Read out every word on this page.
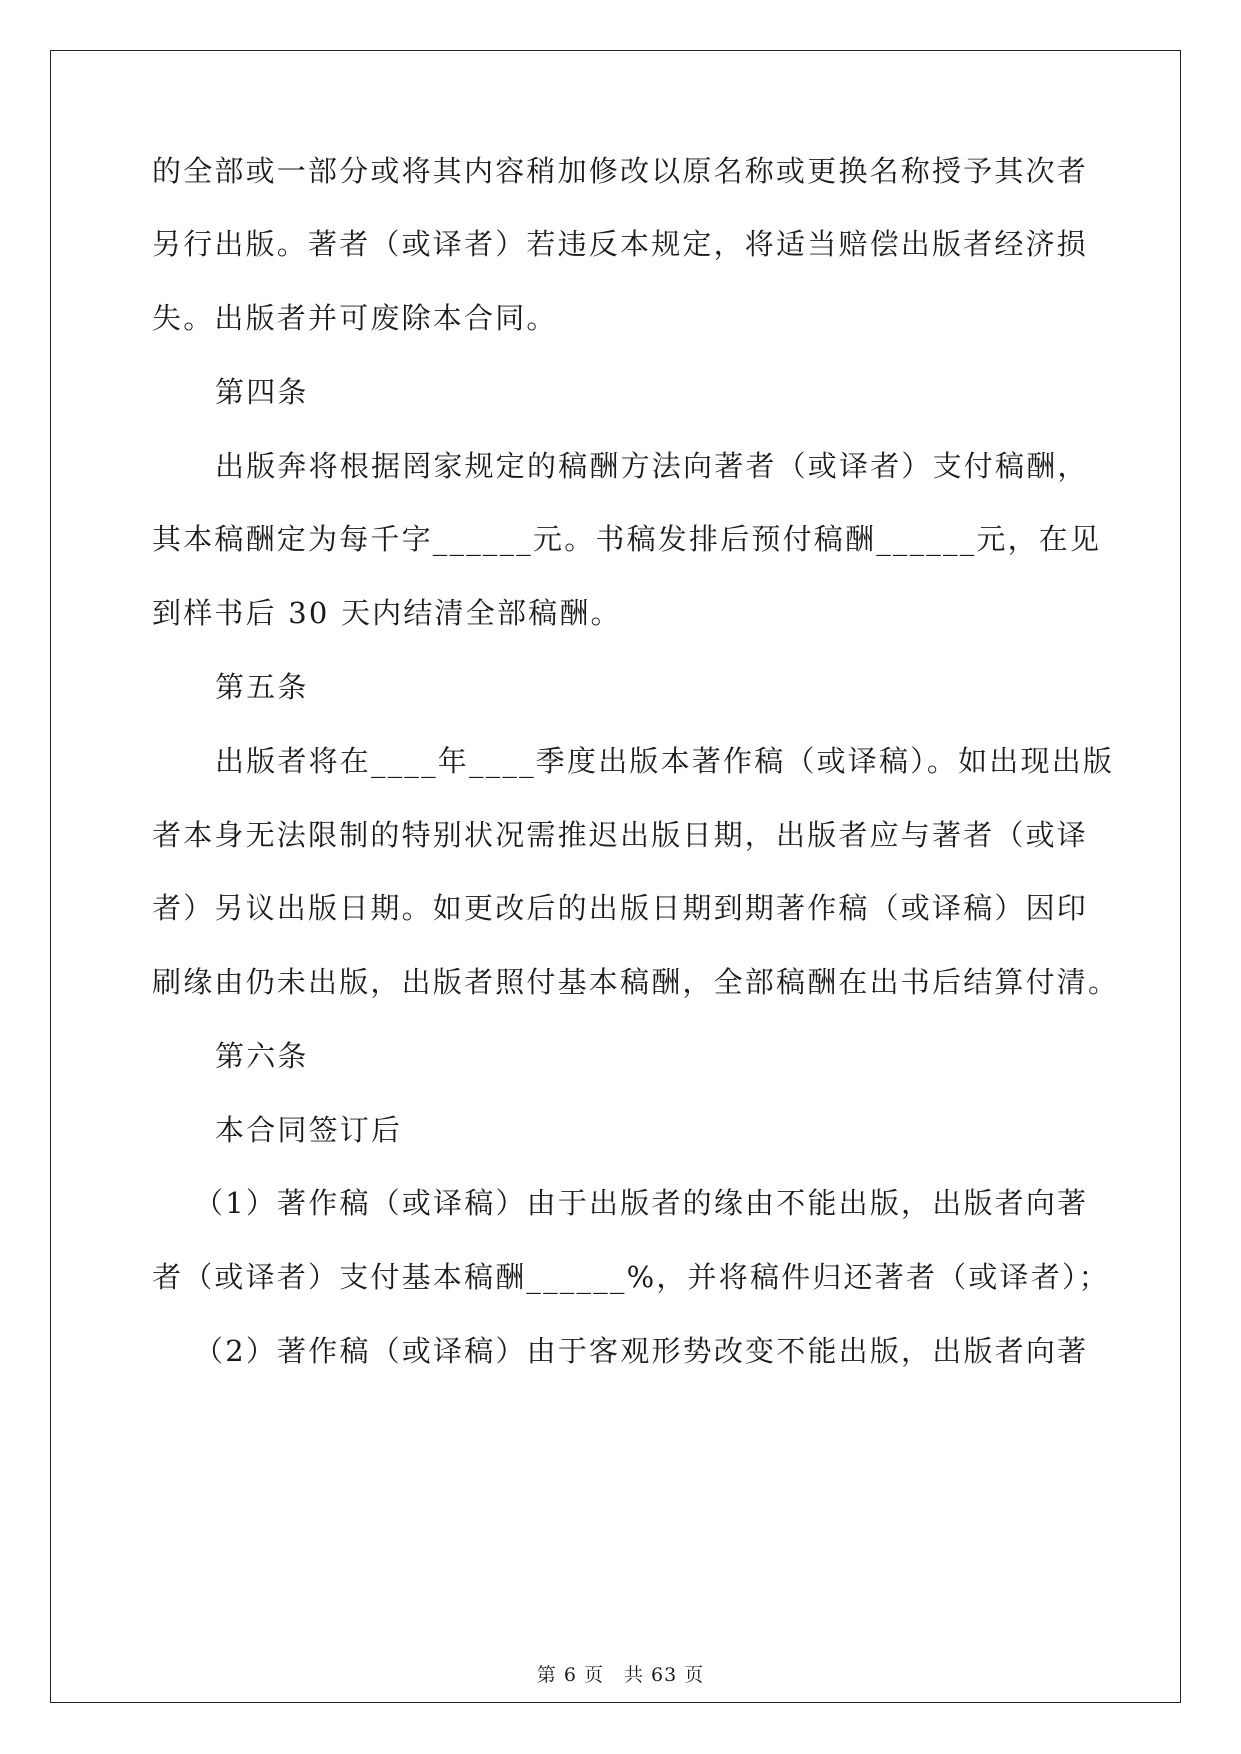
的全部或一部分或将其内容稍加修改以原名称或更换名称授予其次者
另行出版。著者（或译者）若违反本规定，将适当赔偿出版者经济损
失。出版者并可废除本合同。
第四条
出版奔将根据罔家规定的稿酬方法向著者（或译者）支付稿酬，
其本稿酬定为每千字______元。书稿发排后预付稿酬______元，在见
到样书后 30 天内结清全部稿酬。
第五条
出版者将在____年____季度出版本著作稿（或译稿）。如出现出版
者本身无法限制的特别状况需推迟出版日期，出版者应与著者（或译
者）另议出版日期。如更改后的出版日期到期著作稿（或译稿）因印
刷缘由仍未出版，出版者照付基本稿酬，全部稿酬在出书后结算付清。
第六条
本合同签订后
（1）著作稿（或译稿）由于出版者的缘由不能出版，出版者向著
者（或译者）支付基本稿酬______%，并将稿件归还著者（或译者）；
（2）著作稿（或译稿）由于客观形势改变不能出版，出版者向著
第 6 页　共 63 页
